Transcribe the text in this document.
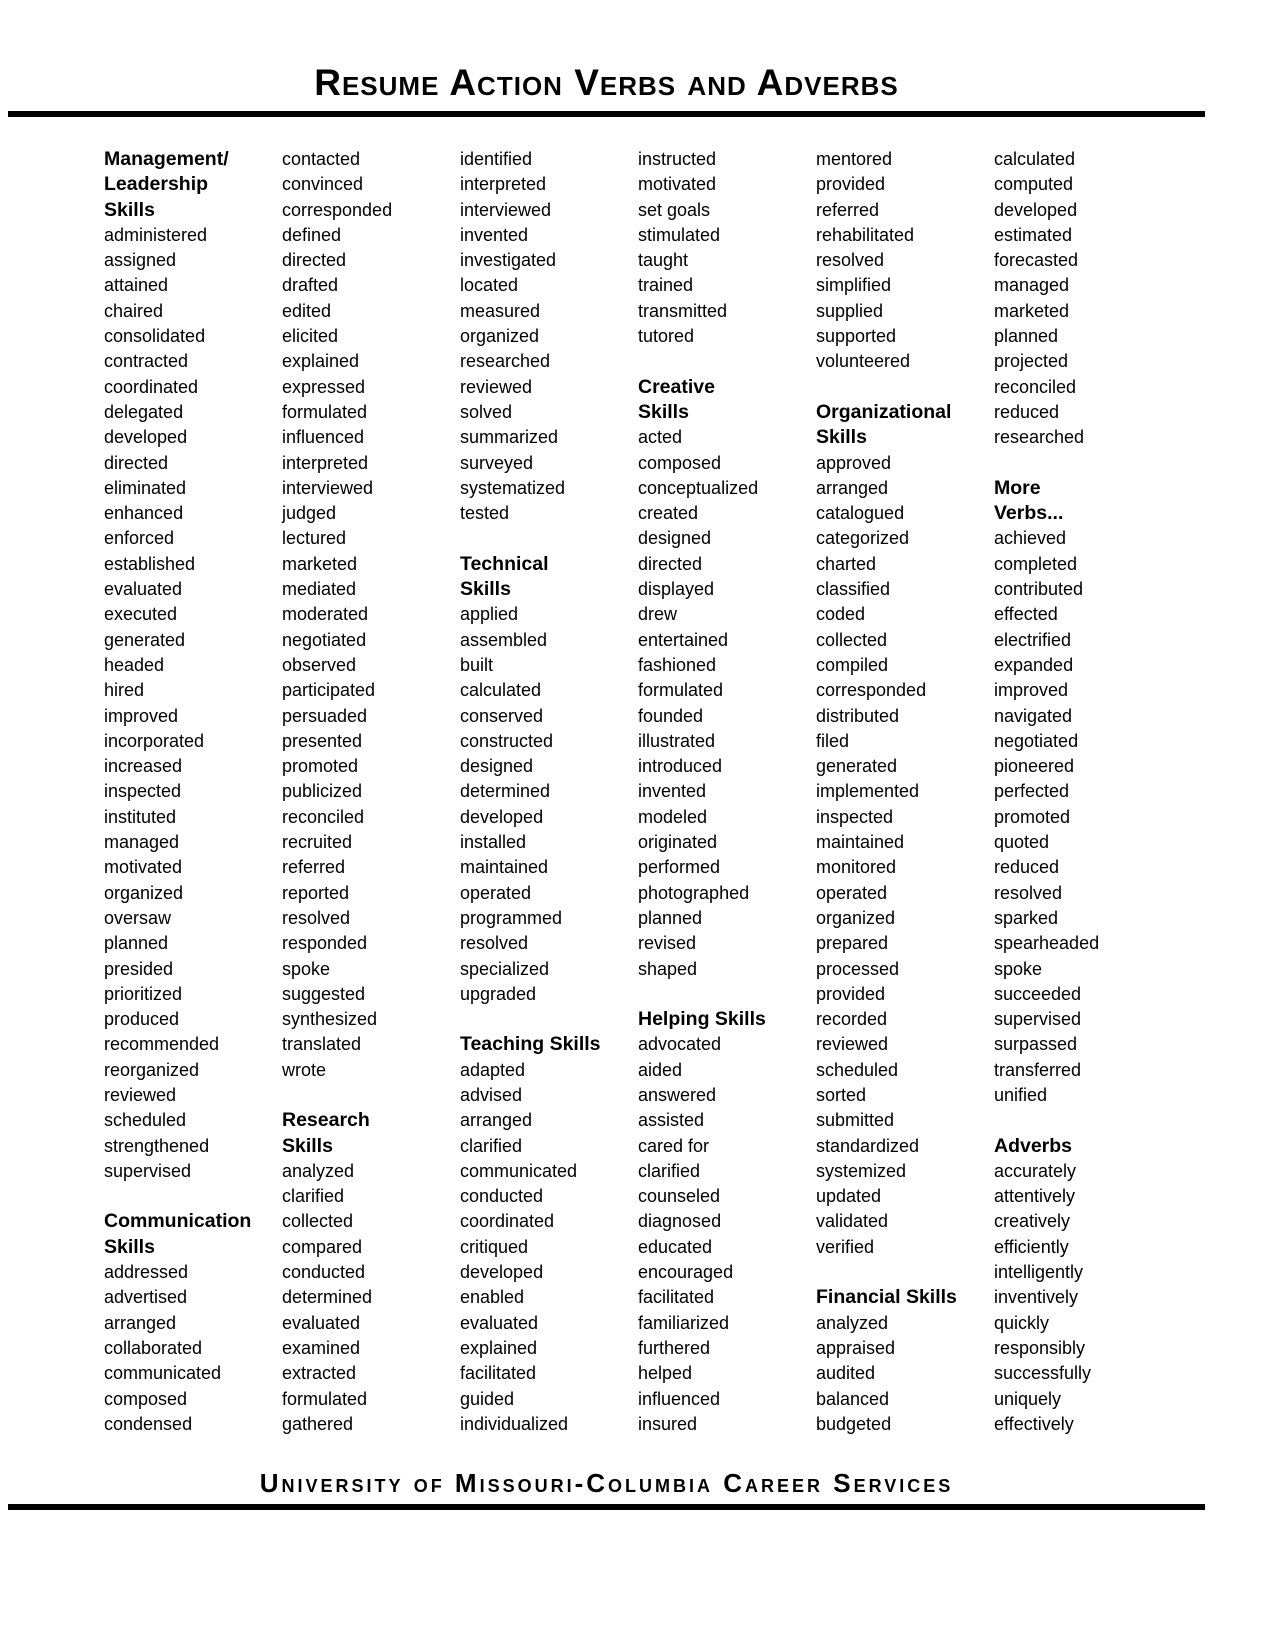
Resume Action Verbs and Adverbs
Management/
Leadership
Skills
administered
assigned
attained
chaired
consolidated
contracted
coordinated
delegated
developed
directed
eliminated
enhanced
enforced
established
evaluated
executed
generated
headed
hired
improved
incorporated
increased
inspected
instituted
managed
motivated
organized
oversaw
planned
presided
prioritized
produced
recommended
reorganized
reviewed
scheduled
strengthened
supervised
Communication
Skills
addressed
advertised
arranged
collaborated
communicated
composed
condensed
contacted
convinced
corresponded
defined
directed
drafted
edited
elicited
explained
expressed
formulated
influenced
interpreted
interviewed
judged
lectured
marketed
mediated
moderated
negotiated
observed
participated
persuaded
presented
promoted
publicized
reconciled
recruited
referred
reported
resolved
responded
spoke
suggested
synthesized
translated
wrote
Research
Skills
analyzed
clarified
collected
compared
conducted
determined
evaluated
examined
extracted
formulated
gathered
identified
interpreted
interviewed
invented
investigated
located
measured
organized
researched
reviewed
solved
summarized
surveyed
systematized
tested
Technical
Skills
applied
assembled
built
calculated
conserved
constructed
designed
determined
developed
installed
maintained
operated
programmed
resolved
specialized
upgraded
Teaching Skills
adapted
advised
arranged
clarified
communicated
conducted
coordinated
critiqued
developed
enabled
evaluated
explained
facilitated
guided
individualized
instructed
motivated
set goals
stimulated
taught
trained
transmitted
tutored
Creative
Skills
acted
composed
conceptualized
created
designed
directed
displayed
drew
entertained
fashioned
formulated
founded
illustrated
introduced
invented
modeled
originated
performed
photographed
planned
revised
shaped
Helping Skills
advocated
aided
answered
assisted
cared for
clarified
counseled
diagnosed
educated
encouraged
facilitated
familiarized
furthered
helped
influenced
insured
mentored
provided
referred
rehabilitated
resolved
simplified
supplied
supported
volunteered
Organizational
Skills
approved
arranged
catalogued
categorized
charted
classified
coded
collected
compiled
corresponded
distributed
filed
generated
implemented
inspected
maintained
monitored
operated
organized
prepared
processed
provided
recorded
reviewed
scheduled
sorted
submitted
standardized
systemized
updated
validated
verified
Financial Skills
analyzed
appraised
audited
balanced
budgeted
calculated
computed
developed
estimated
forecasted
managed
marketed
planned
projected
reconciled
reduced
researched
More
Verbs...
achieved
completed
contributed
effected
electrified
expanded
improved
navigated
negotiated
pioneered
perfected
promoted
quoted
reduced
resolved
sparked
spearheaded
spoke
succeeded
supervised
surpassed
transferred
unified
Adverbs
accurately
attentively
creatively
efficiently
intelligently
inventively
quickly
responsibly
successfully
uniquely
effectively
University of Missouri-Columbia Career Services
